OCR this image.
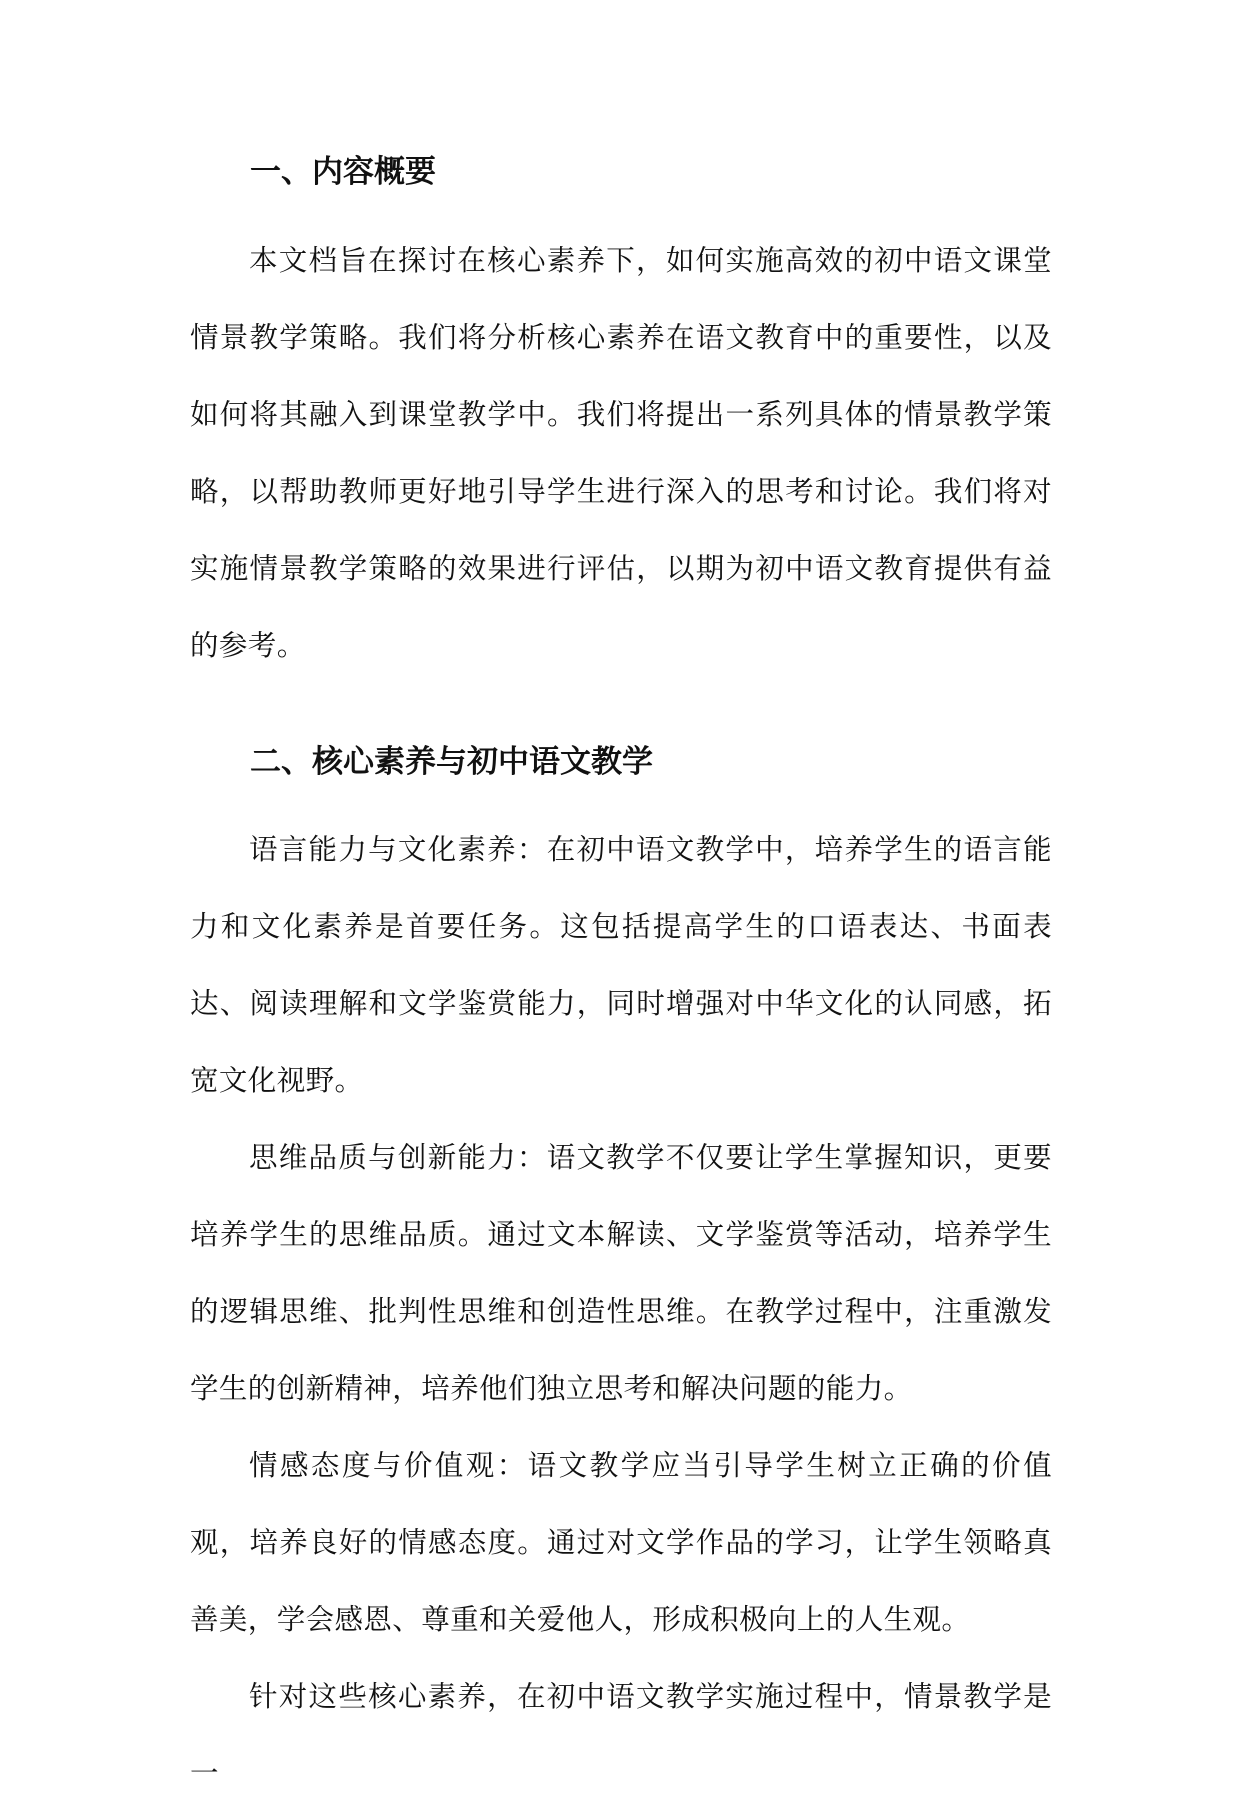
一、内容概要

本文档旨在探讨在核心素养下，如何实施高效的初中语文课堂情景教学策略。我们将分析核心素养在语文教育中的重要性，以及如何将其融入到课堂教学中。我们将提出一系列具体的情景教学策略，以帮助教师更好地引导学生进行深入的思考和讨论。我们将对实施情景教学策略的效果进行评估，以期为初中语文教育提供有益的参考。

二、核心素养与初中语文教学

语言能力与文化素养：在初中语文教学中，培养学生的语言能力和文化素养是首要任务。这包括提高学生的口语表达、书面表达、阅读理解和文学鉴赏能力，同时增强对中华文化的认同感，拓宽文化视野。

思维品质与创新能力：语文教学不仅要让学生掌握知识，更要培养学生的思维品质。通过文本解读、文学鉴赏等活动，培养学生的逻辑思维、批判性思维和创造性思维。在教学过程中，注重激发学生的创新精神，培养他们独立思考和解决问题的能力。

情感态度与价值观：语文教学应当引导学生树立正确的价值观，培养良好的情感态度。通过对文学作品的学习，让学生领略真善美，学会感恩、尊重和关爱他人，形成积极向上的人生观。

针对这些核心素养，在初中语文教学实施过程中，情景教学是一
